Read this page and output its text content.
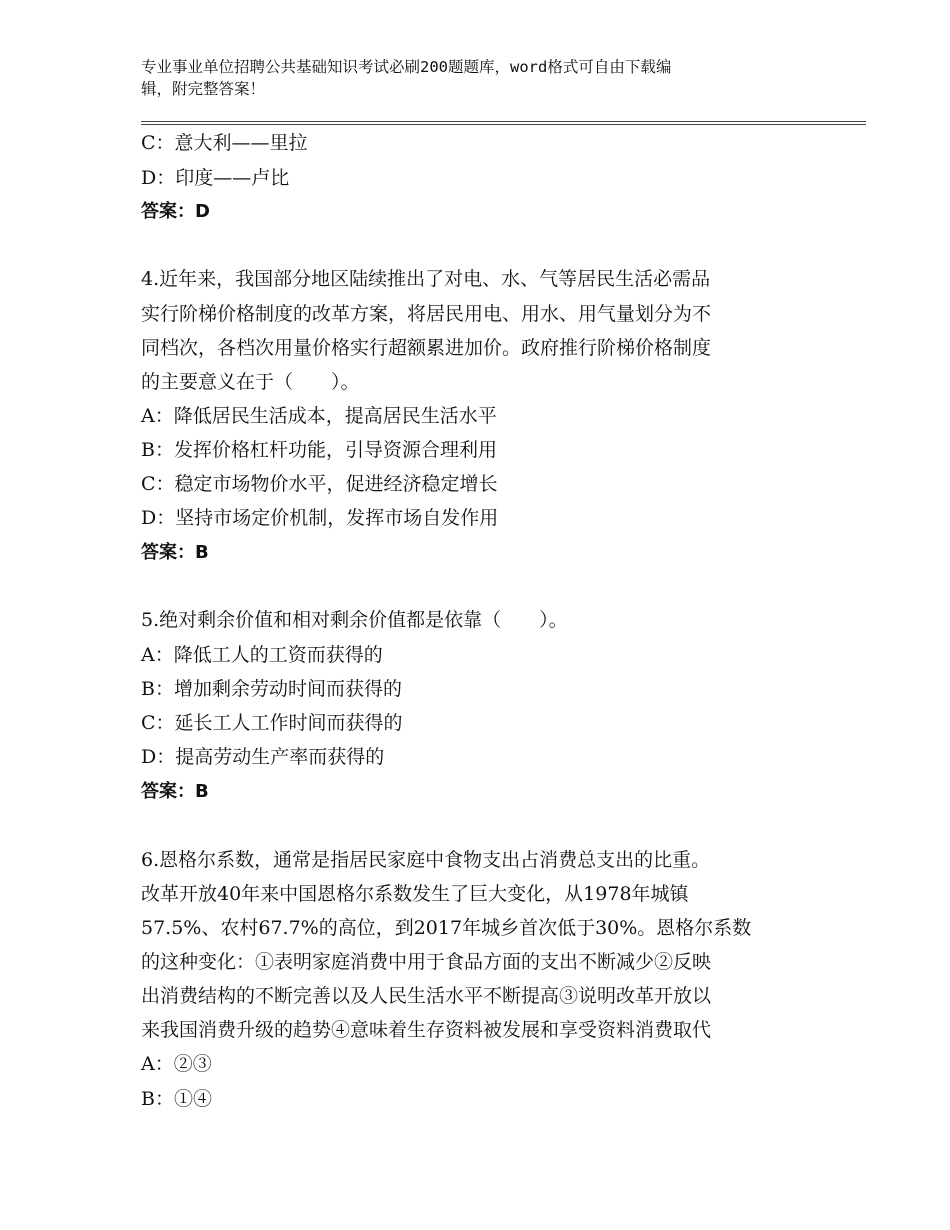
专业事业单位招聘公共基础知识考试必刷200题题库，word格式可自由下载编
辑，附完整答案！
C：意大利——里拉
D：印度——卢比
答案：D
4.近年来，我国部分地区陆续推出了对电、水、气等居民生活必需品
实行阶梯价格制度的改革方案，将居民用电、用水、用气量划分为不
同档次，各档次用量价格实行超额累进加价。政府推行阶梯价格制度
的主要意义在于（　　）。
A：降低居民生活成本，提高居民生活水平
B：发挥价格杠杆功能，引导资源合理利用
C：稳定市场物价水平，促进经济稳定增长
D：坚持市场定价机制，发挥市场自发作用
答案：B
5.绝对剩余价值和相对剩余价值都是依靠（　　）。
A：降低工人的工资而获得的
B：增加剩余劳动时间而获得的
C：延长工人工作时间而获得的
D：提高劳动生产率而获得的
答案：B
6.恩格尔系数，通常是指居民家庭中食物支出占消费总支出的比重。
改革开放40年来中国恩格尔系数发生了巨大变化，从1978年城镇
57.5%、农村67.7%的高位，到2017年城乡首次低于30%。恩格尔系数
的这种变化：①表明家庭消费中用于食品方面的支出不断减少②反映
出消费结构的不断完善以及人民生活水平不断提高③说明改革开放以
来我国消费升级的趋势④意味着生存资料被发展和享受资料消费取代
A：②③
B：①④
